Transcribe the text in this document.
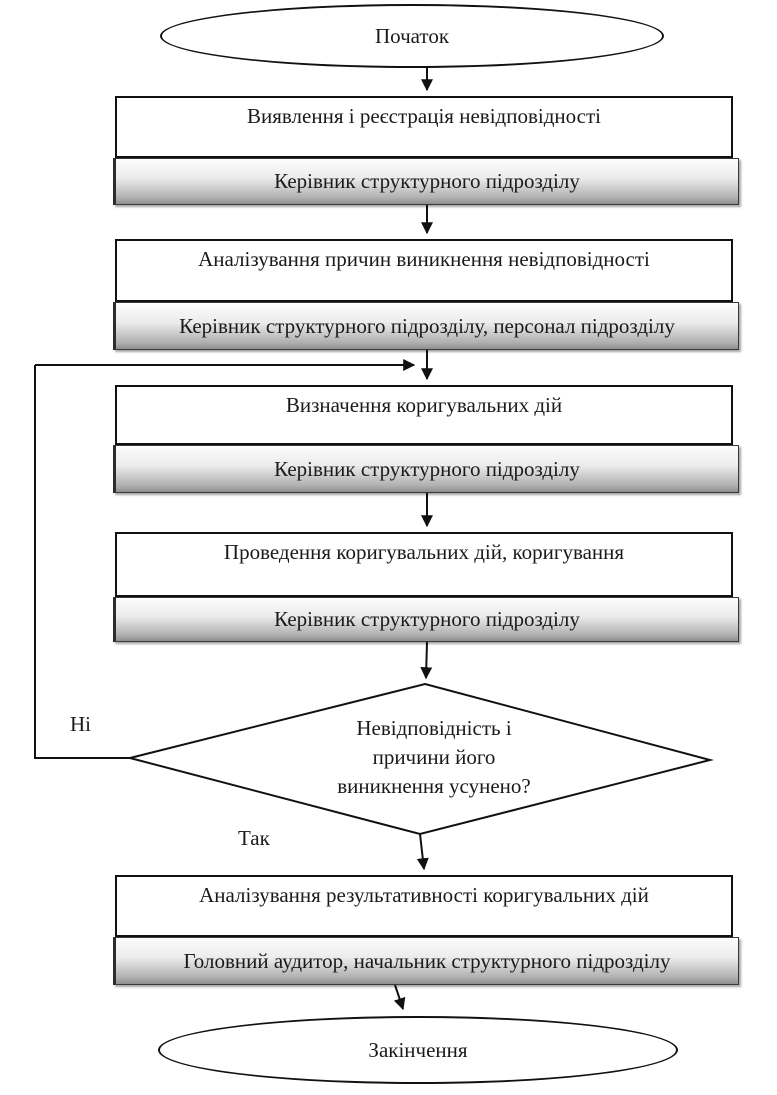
Початок
Виявлення і реєстрація невідповідності
Керівник структурного підрозділу
Аналізування причин виникнення невідповідності
Керівник структурного підрозділу, персонал підрозділу
Визначення коригувальних дій
Керівник структурного підрозділу
Проведення коригувальних дій, коригування
Керівник структурного підрозділу
Невідповідність і
причини його
виникнення усунено?
Ні
Так
Аналізування результативності коригувальних дій
Головний аудитор, начальник структурного підрозділу
Закінчення
